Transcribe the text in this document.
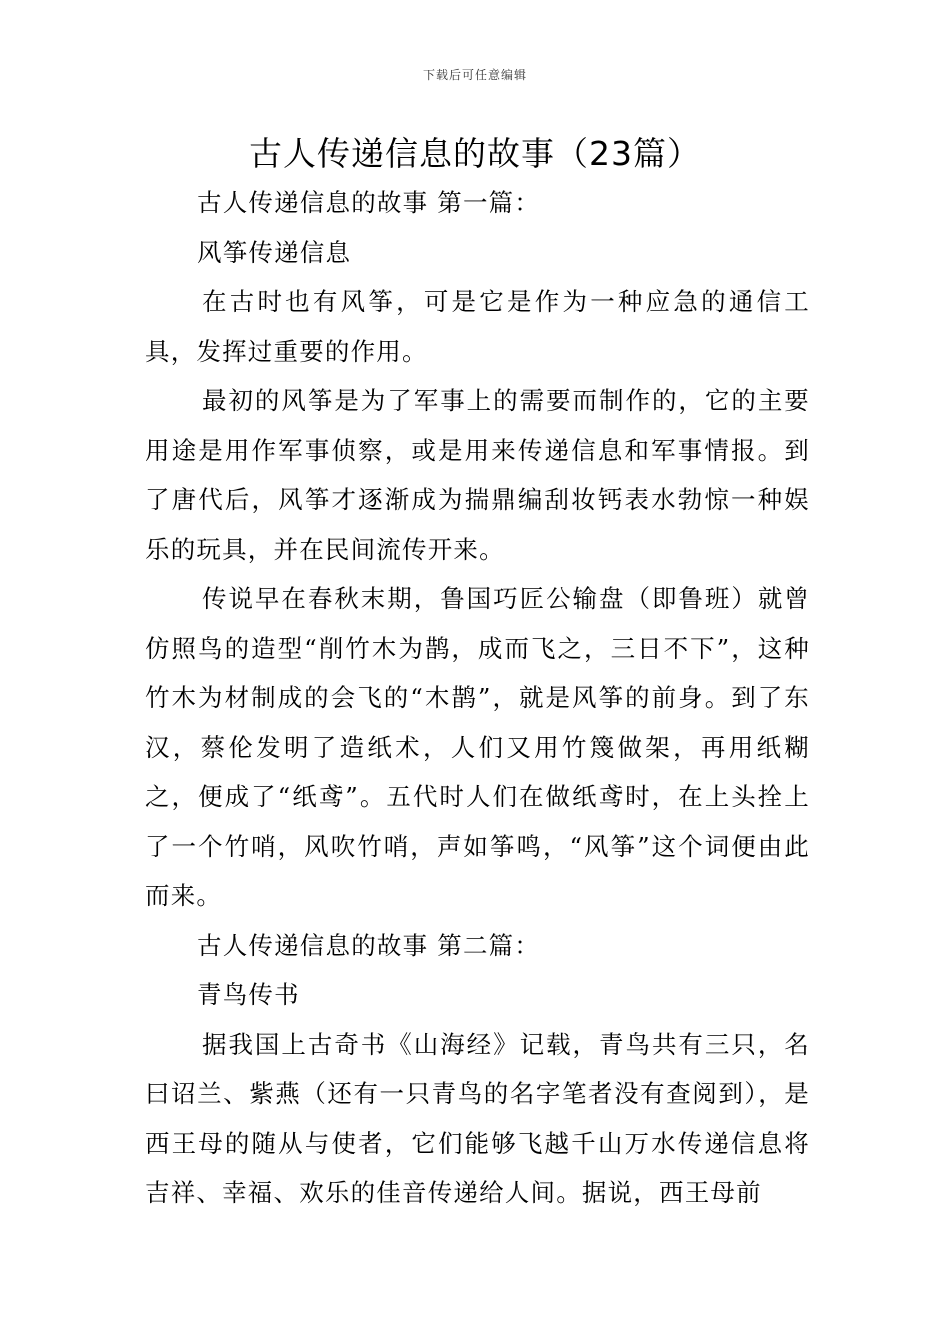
下载后可任意编辑
古人传递信息的故事（23篇）

古人传递信息的故事 第一篇：

风筝传递信息

在古时也有风筝，可是它是作为一种应急的通信工具，发挥过重要的作用。

最初的风筝是为了军事上的需要而制作的，它的主要用途是用作军事侦察，或是用来传递信息和军事情报。到了唐代后，风筝才逐渐成为揣鼎编刮妆钙表水勃惊一种娱乐的玩具，并在民间流传开来。

传说早在春秋末期，鲁国巧匠公输盘（即鲁班）就曾仿照鸟的造型“削竹木为鹊，成而飞之，三日不下”，这种竹木为材制成的会飞的“木鹊”，就是风筝的前身。到了东汉，蔡伦发明了造纸术，人们又用竹篾做架，再用纸糊之，便成了“纸鸢”。五代时人们在做纸鸢时，在上头拴上了一个竹哨，风吹竹哨，声如筝鸣，“风筝”这个词便由此而来。

古人传递信息的故事 第二篇：

青鸟传书

据我国上古奇书《山海经》记载，青鸟共有三只，名曰诏兰、紫燕（还有一只青鸟的名字笔者没有查阅到），是西王母的随从与使者，它们能够飞越千山万水传递信息将吉祥、幸福、欢乐的佳音传递给人间。据说，西王母前
